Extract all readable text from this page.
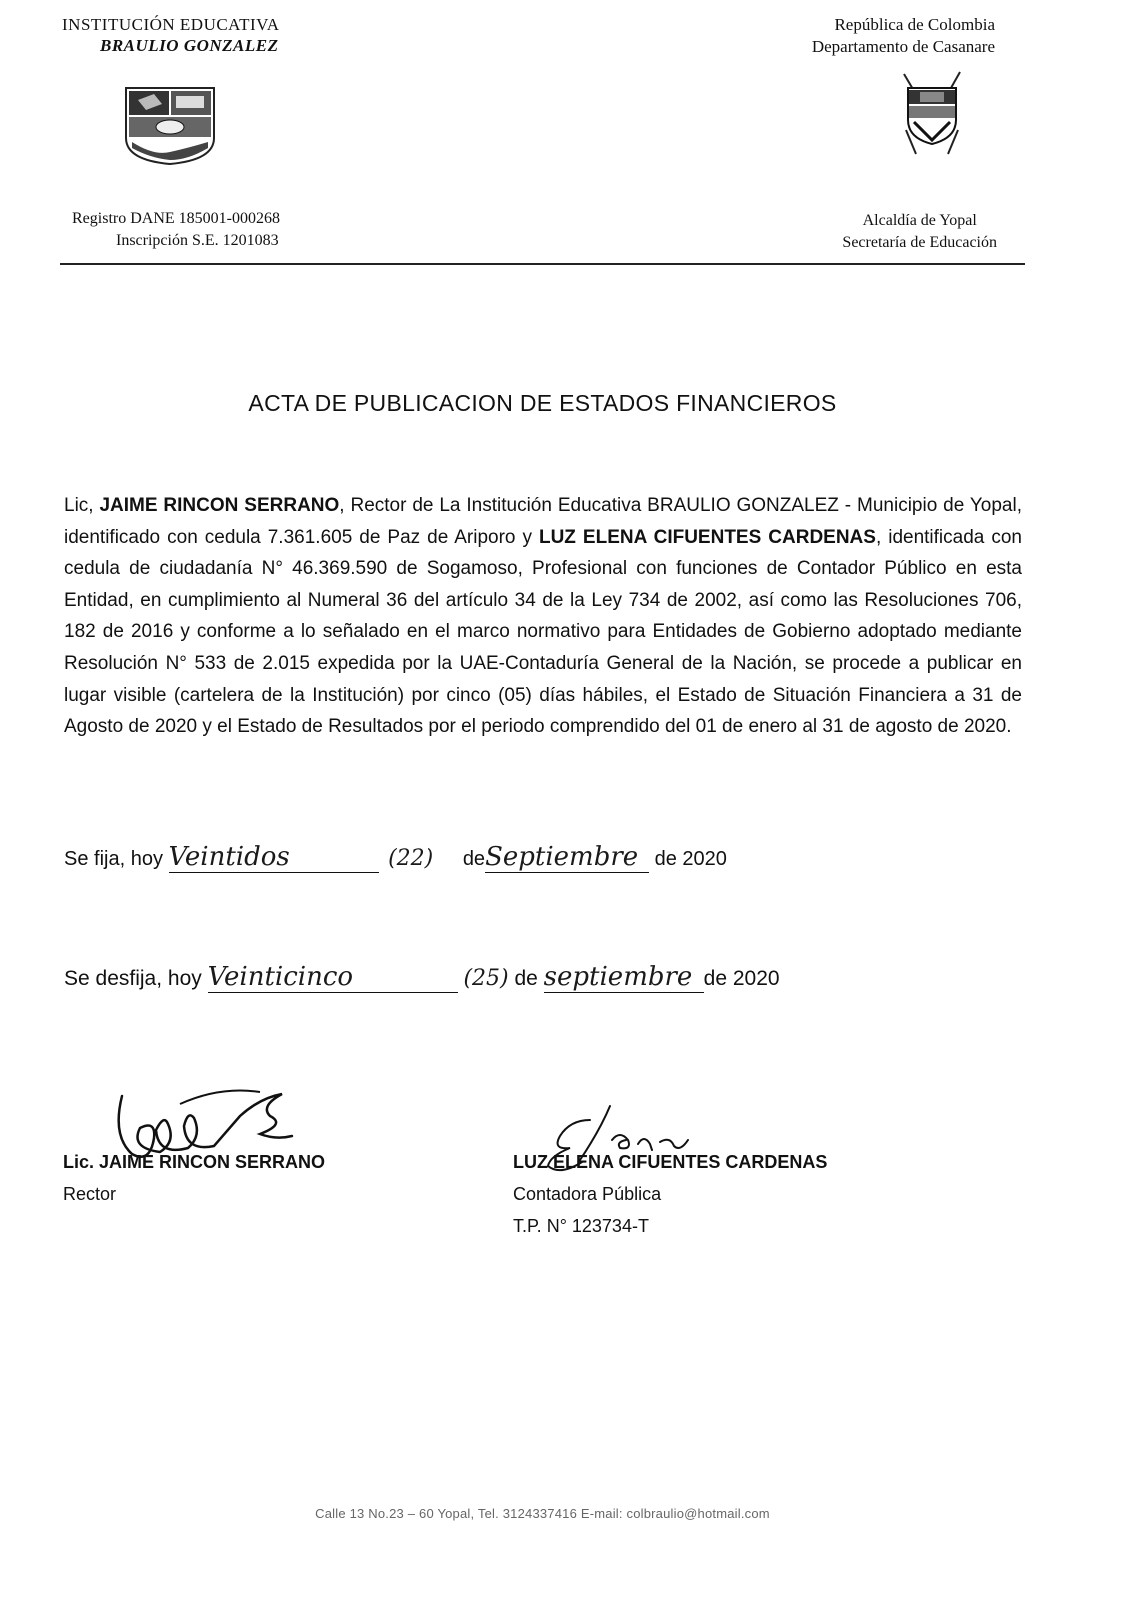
INSTITUCIÓN EDUCATIVA
BRAULIO GONZALEZ
República de Colombia
Departamento de Casanare
Registro DANE 185001-000268
Inscripción S.E. 1201083
Alcaldía de Yopal
Secretaría de Educación
ACTA DE PUBLICACION DE ESTADOS FINANCIEROS
Lic, JAIME RINCON SERRANO, Rector de La Institución Educativa BRAULIO GONZALEZ - Municipio de Yopal, identificado con cedula 7.361.605 de Paz de Ariporo y LUZ ELENA CIFUENTES CARDENAS, identificada con cedula de ciudadanía N° 46.369.590 de Sogamoso, Profesional con funciones de Contador Público en esta Entidad, en cumplimiento al Numeral 36 del artículo 34 de la Ley 734 de 2002, así como las Resoluciones 706, 182 de 2016 y conforme a lo señalado en el marco normativo para Entidades de Gobierno adoptado mediante Resolución N° 533 de 2.015 expedida por la UAE-Contaduría General de la Nación, se procede a publicar en lugar visible (cartelera de la Institución) por cinco (05) días hábiles, el Estado de Situación Financiera a 31 de Agosto de 2020 y el Estado de Resultados por el periodo comprendido del 01 de enero al 31 de agosto de 2020.
Se fija, hoy Veintidos	(22) deSeptiembre de 2020
Se desfija, hoy Veinticinco	(25) de septiembre de 2020
Lic. JAIME RINCON SERRANO
Rector
LUZ ELENA CIFUENTES CARDENAS
Contadora Pública
T.P. N° 123734-T
Calle 13 No.23 – 60 Yopal, Tel. 3124337416 E-mail: colbraulio@hotmail.com
